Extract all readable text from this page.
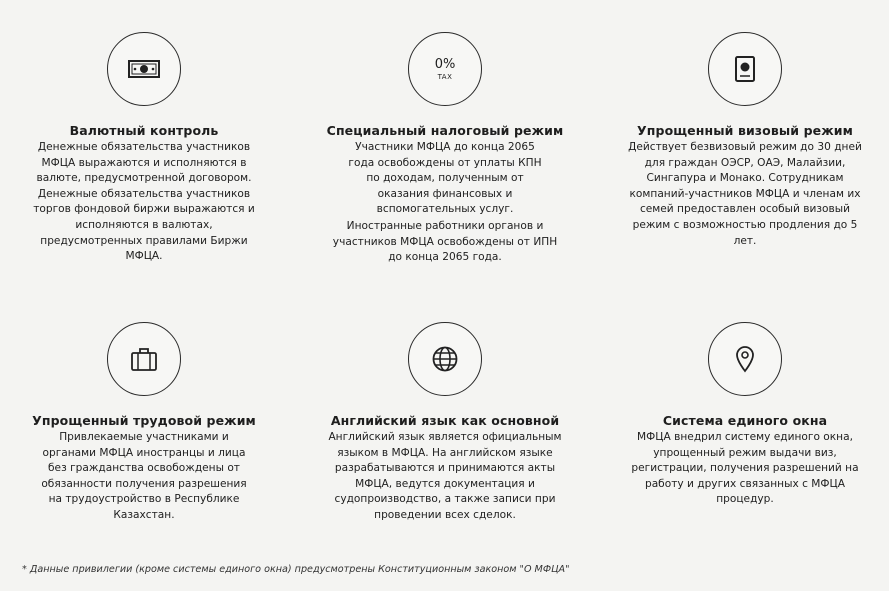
Валютный контроль

Денежные обязательства участников МФЦА выражаются и исполняются в валюте, предусмотренной договором. Денежные обязательства участников торгов фондовой биржи выражаются и исполняются в валютах, предусмотренных правилами Биржи МФЦА.

0%
TAX

Специальный налоговый режим

Участники МФЦА до конца 2065 года освобождены от уплаты КПН по доходам, полученным от оказания финансовых и вспомогательных услуг.

Иностранные работники органов и участников МФЦА освобождены от ИПН до конца 2065 года.

Упрощенный визовый режим

Действует безвизовый режим до 30 дней для граждан ОЭСР, ОАЭ, Малайзии, Сингапура и Монако. Сотрудникам компаний-участников МФЦА и членам их семей предоставлен особый визовый режим с возможностью продления до 5 лет.

Упрощенный трудовой режим

Привлекаемые участниками и органами МФЦА иностранцы и лица без гражданства освобождены от обязанности получения разрешения на трудоустройство в Республике Казахстан.

Английский язык как основной

Английский язык является официальным языком в МФЦА. На английском языке разрабатываются и принимаются акты МФЦА, ведутся документация и судопроизводство, а также записи при проведении всех сделок.

Система единого окна

МФЦА внедрил систему единого окна, упрощенный режим выдачи виз, регистрации, получения разрешений на работу и других связанных с МФЦА процедур.

* Данные привилегии (кроме системы единого окна) предусмотрены Конституционным законом "О МФЦА"
